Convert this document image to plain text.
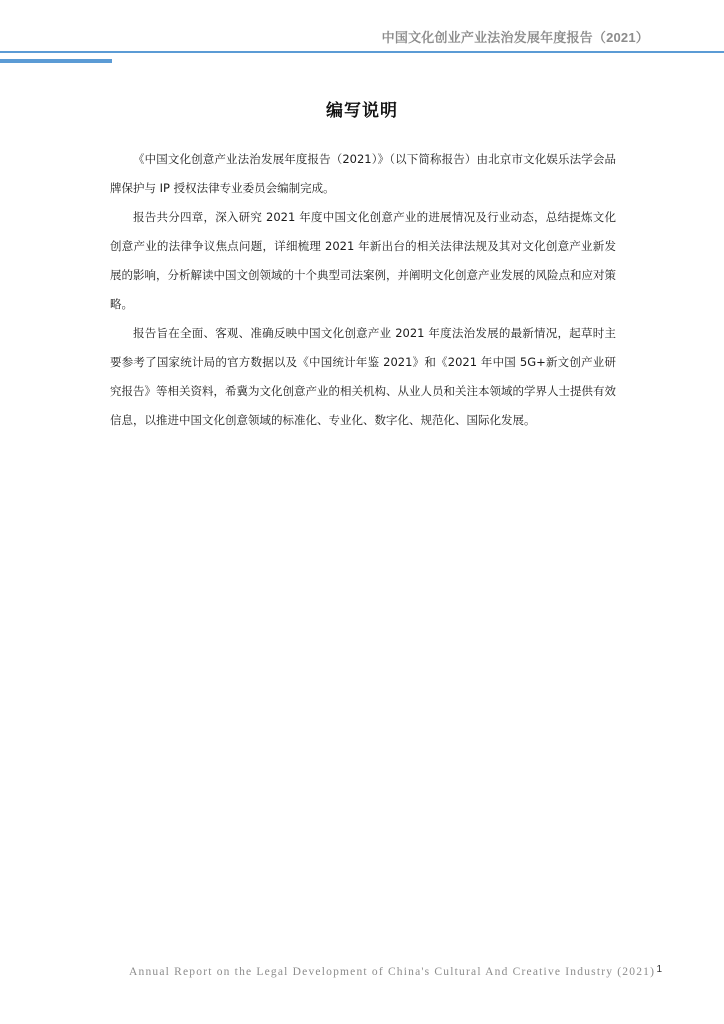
中国文化创业产业法治发展年度报告（2021）
编写说明

《中国文化创意产业法治发展年度报告（2021）》（以下简称报告）由北京市文化娱乐法学会品牌保护与 IP 授权法律专业委员会编制完成。

报告共分四章，深入研究 2021 年度中国文化创意产业的进展情况及行业动态，总结提炼文化创意产业的法律争议焦点问题，详细梳理 2021 年新出台的相关法律法规及其对文化创意产业新发展的影响，分析解读中国文创领域的十个典型司法案例，并阐明文化创意产业发展的风险点和应对策略。

报告旨在全面、客观、准确反映中国文化创意产业 2021 年度法治发展的最新情况，起草时主要参考了国家统计局的官方数据以及《中国统计年鉴 2021》和《2021 年中国 5G+新文创产业研究报告》等相关资料，希冀为文化创意产业的相关机构、从业人员和关注本领域的学界人士提供有效信息，以推进中国文化创意领域的标准化、专业化、数字化、规范化、国际化发展。

Annual Report on the Legal Development of China's Cultural And Creative Industry (2021) 1
